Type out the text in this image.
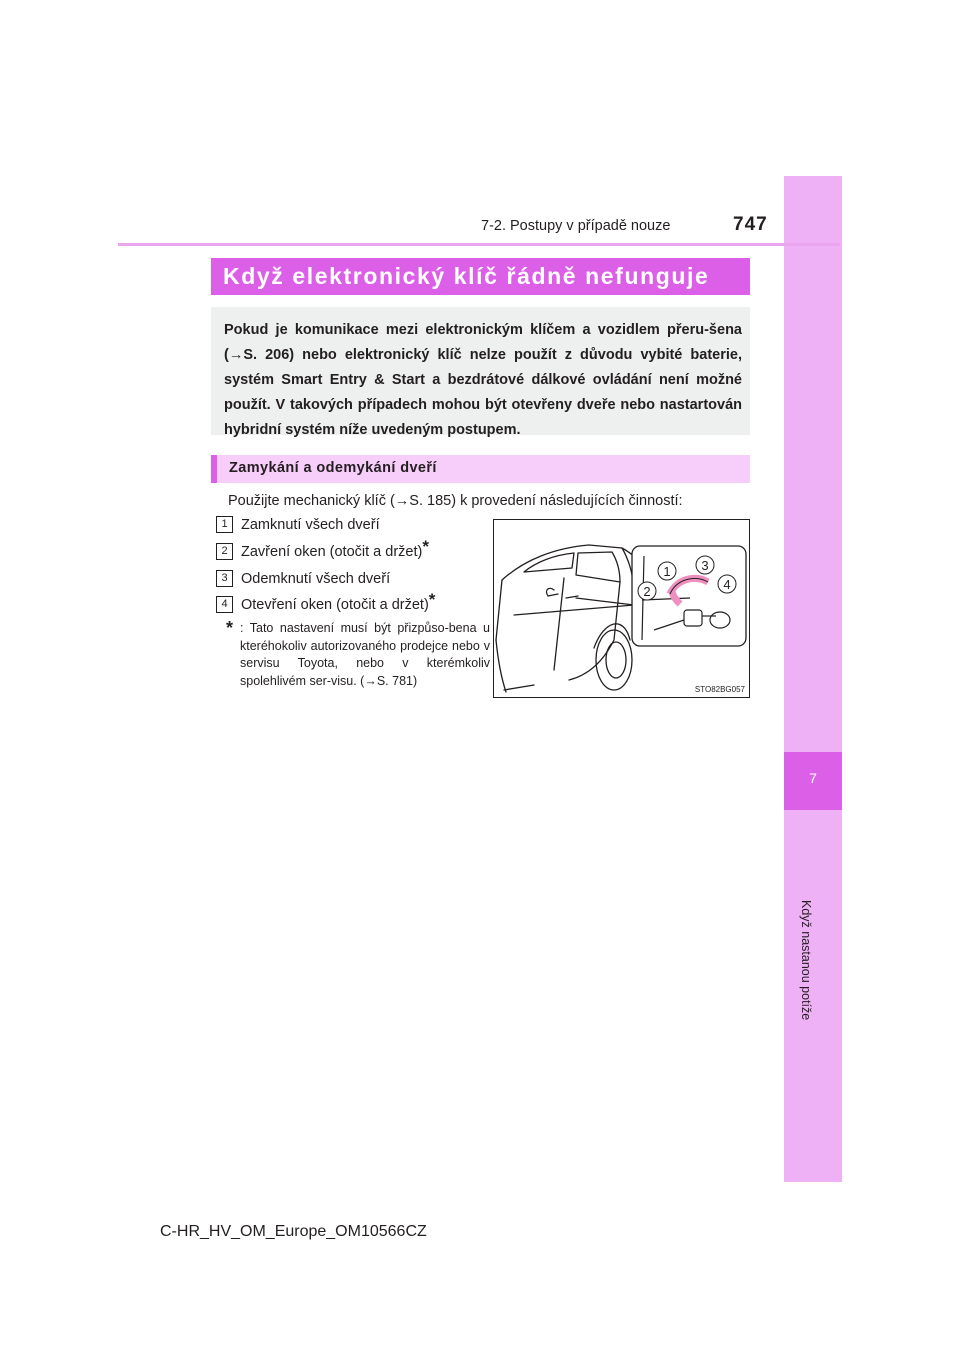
7
Když nastanou potíže
7-2. Postupy v případě nouze	747
Když elektronický klíč řádně nefunguje
Pokud je komunikace mezi elektronickým klíčem a vozidlem přeru-šena (→S. 206) nebo elektronický klíč nelze použít z důvodu vybité baterie, systém Smart Entry & Start a bezdrátové dálkové ovládání není možné použít. V takových případech mohou být otevřeny dveře nebo nastartován hybridní systém níže uvedeným postupem.
Zamykání a odemykání dveří
Použijte mechanický klíč (→S. 185) k provedení následujících činností:
1 Zamknutí všech dveří
2 Zavření oken (otočit a držet)*
3 Odemknutí všech dveří
4 Otevření oken (otočit a držet)*
* : Tato nastavení musí být přizpůso-bena u kteréhokoliv autorizovaného prodejce nebo v servisu Toyota, nebo v kterémkoliv spolehlivém ser-visu. (→S. 781)
1
2
3
4
STO82BG057
C-HR_HV_OM_Europe_OM10566CZ
